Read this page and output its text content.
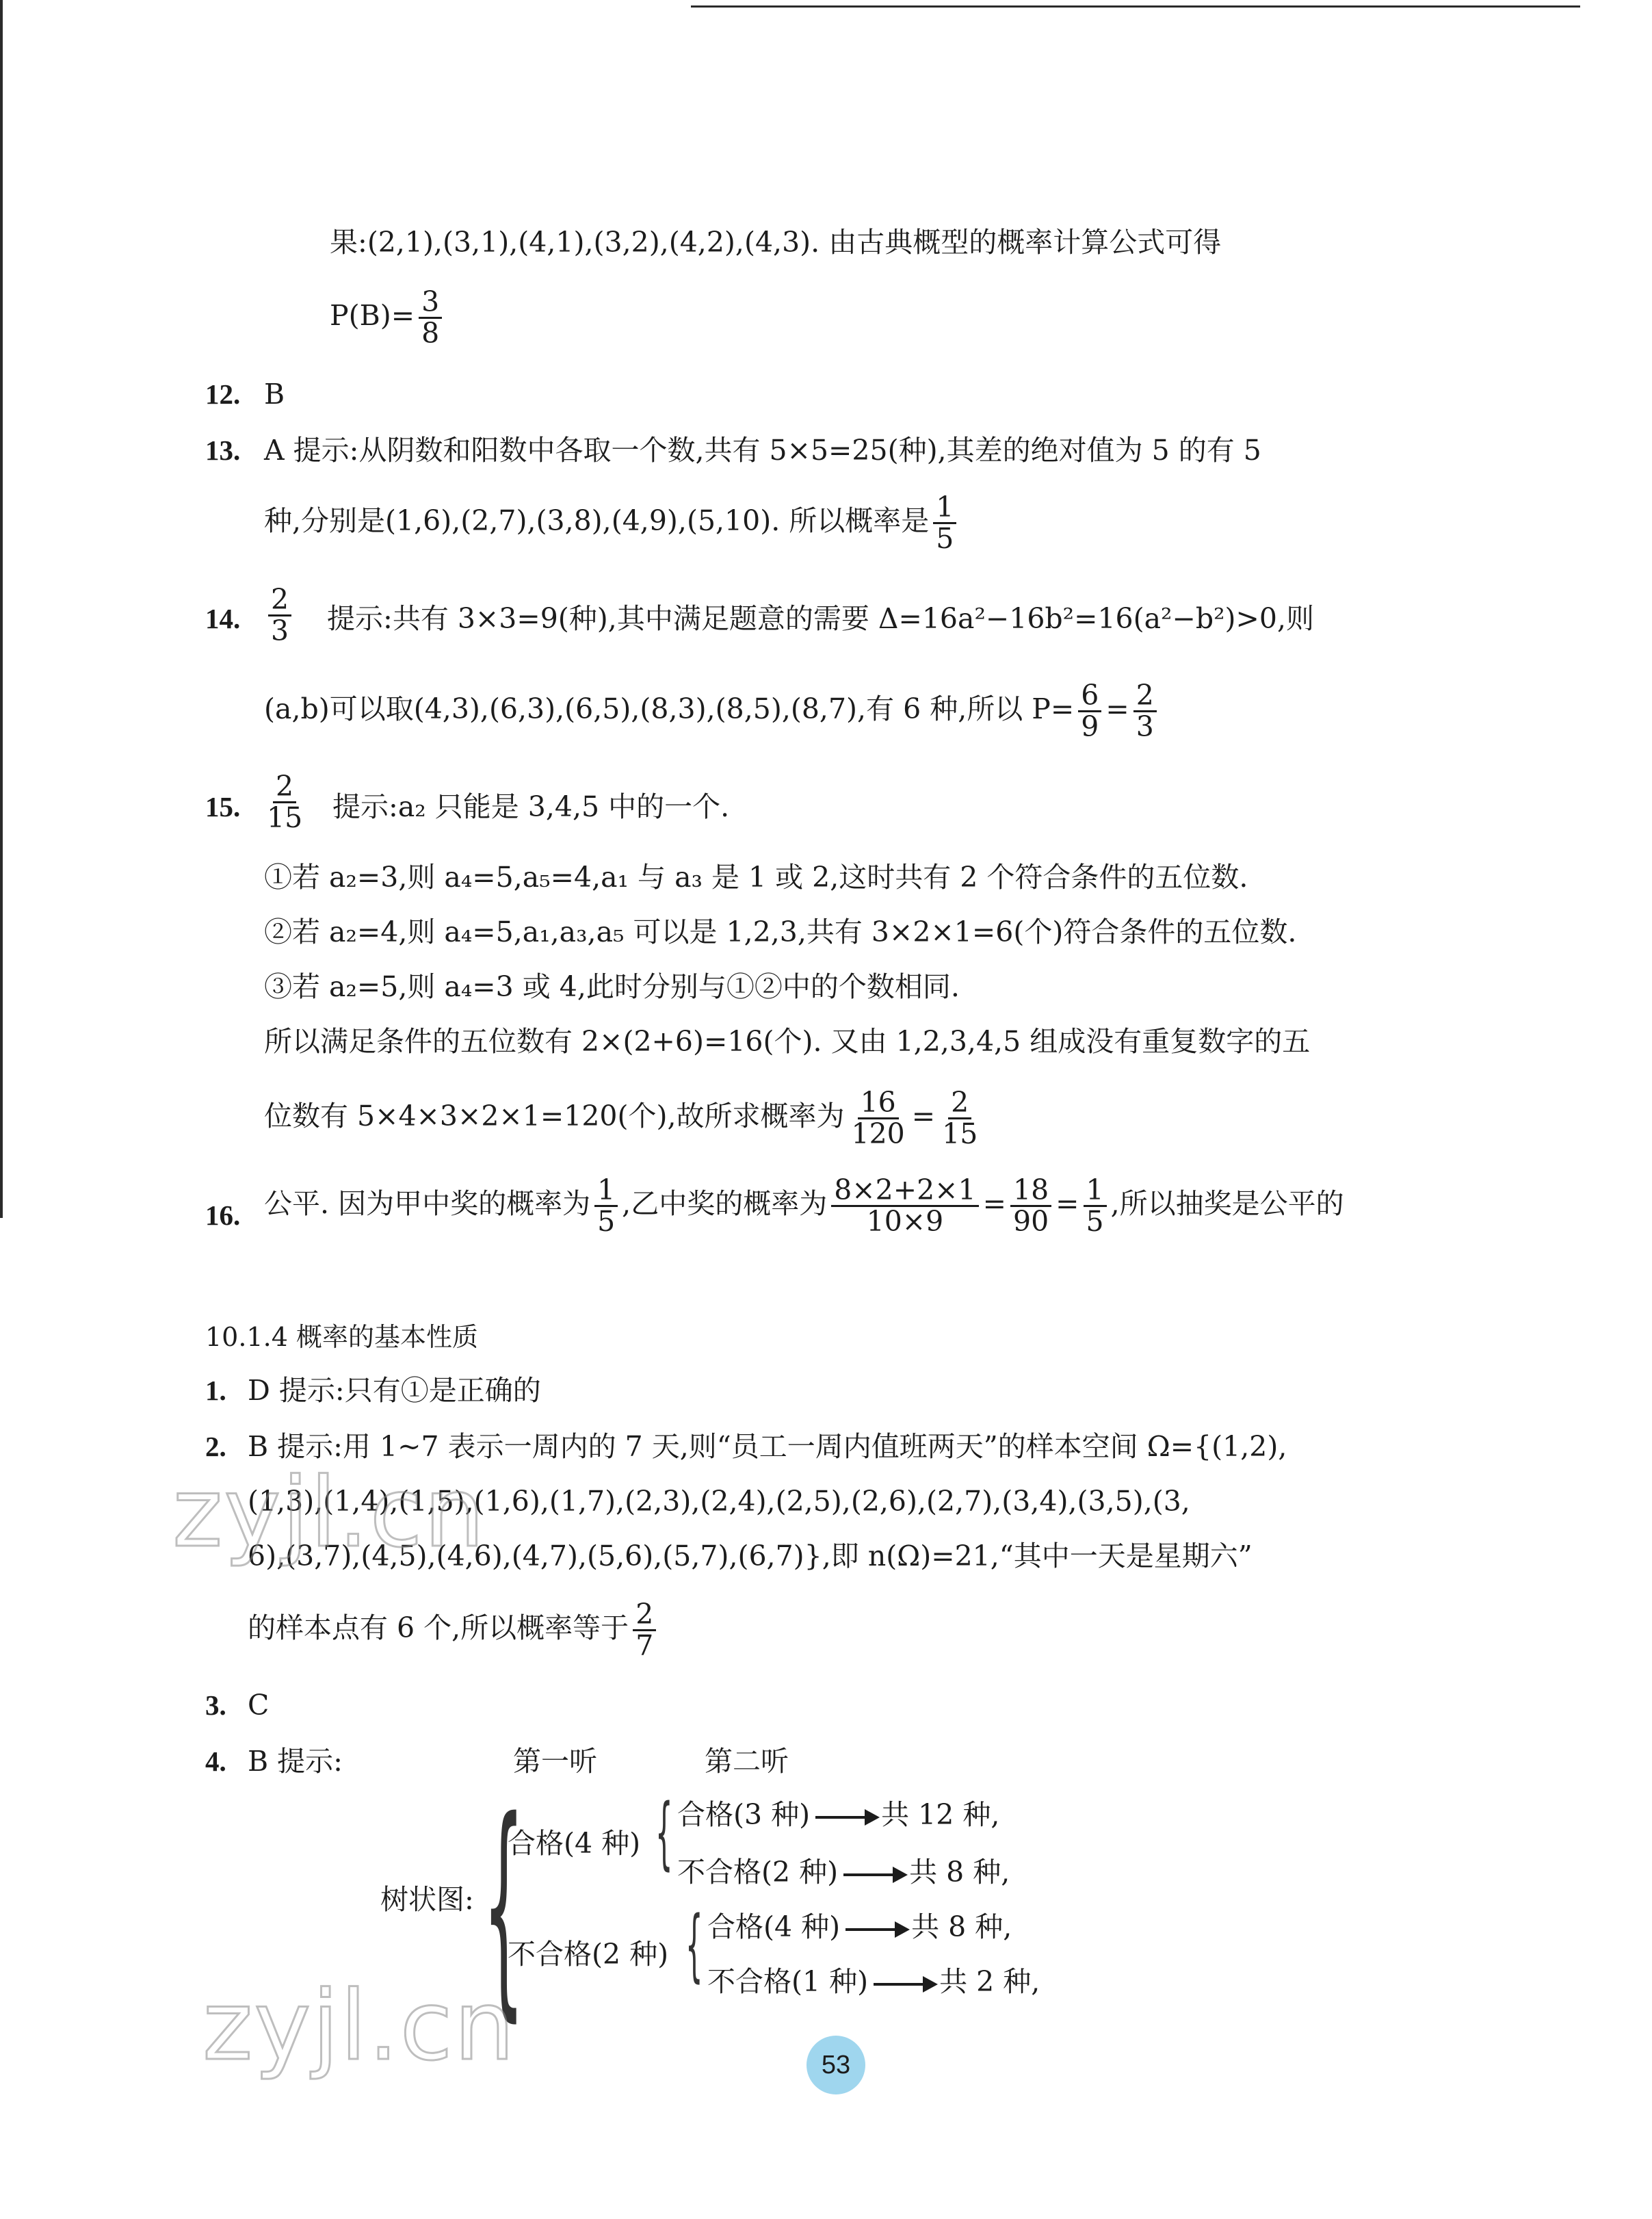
果:(2,1),(3,1),(4,1),(3,2),(4,2),(4,3). 由古典概型的概率计算公式可得
$P(B)= \frac{3}{8}$
12. B
13. A 提示:从阴数和阳数中各取一个数,共有 5×5=25(种),其差的绝对值为 5 的有 5
种,分别是(1,6),(2,7),(3,8),(4,9),(5,10). 所以概率是 $\frac{1}{5}$
14. $\frac{2}{3}$ 提示:共有 3×3=9(种),其中满足题意的需要 Δ=16a²−16b²=16(a²−b²)>0,则
(a,b)可以取(4,3),(6,3),(6,5),(8,3),(8,5),(8,7),有 6 种,所以 $P= \frac{6}{9} = \frac{2}{3}$
15. $\frac{2}{15}$ 提示:a₂ 只能是 3,4,5 中的一个.
①若 a₂=3,则 a₄=5,a₅=4,a₁ 与 a₃ 是 1 或 2,这时共有 2 个符合条件的五位数.
②若 a₂=4,则 a₄=5,a₁,a₃,a₅ 可以是 1,2,3,共有 3×2×1=6(个)符合条件的五位数.
③若 a₂=5,则 a₄=3 或 4,此时分别与①②中的个数相同.
所以满足条件的五位数有 2×(2+6)=16(个). 又由 1,2,3,4,5 组成没有重复数字的五
位数有 5×4×3×2×1=120(个),故所求概率为 $\frac{16}{120} = \frac{2}{15}$
16. 公平. 因为甲中奖的概率为 $\frac{1}{5}$ ,乙中奖的概率为 $\frac{8\times 2+2\times 1}{10\times 9} = \frac{18}{90} = \frac{1}{5}$ ,所以抽奖是公平的
10.1.4 概率的基本性质
1. D 提示:只有①是正确的
2. B 提示:用 1~7 表示一周内的 7 天,则“员工一周内值班两天”的样本空间 Ω={(1,2),
(1,3),(1,4),(1,5),(1,6),(1,7),(2,3),(2,4),(2,5),(2,6),(2,7),(3,4),(3,5),(3,
6),(3,7),(4,5),(4,6),(4,7),(5,6),(5,7),(6,7)},即 n(Ω)=21,“其中一天是星期六”
的样本点有 6 个,所以概率等于 $\frac{2}{7}$
3. C
4. B 提示:	第一听	第二听
树状图: {
合格(4 种) { 合格(3 种)	共 12 种,
不合格(2 种)	共 8 种,
不合格(2 种) { 合格(4 种)	共 8 种,
不合格(1 种)	共 2 种,
zyjl.cn
zyjl.cn	53
